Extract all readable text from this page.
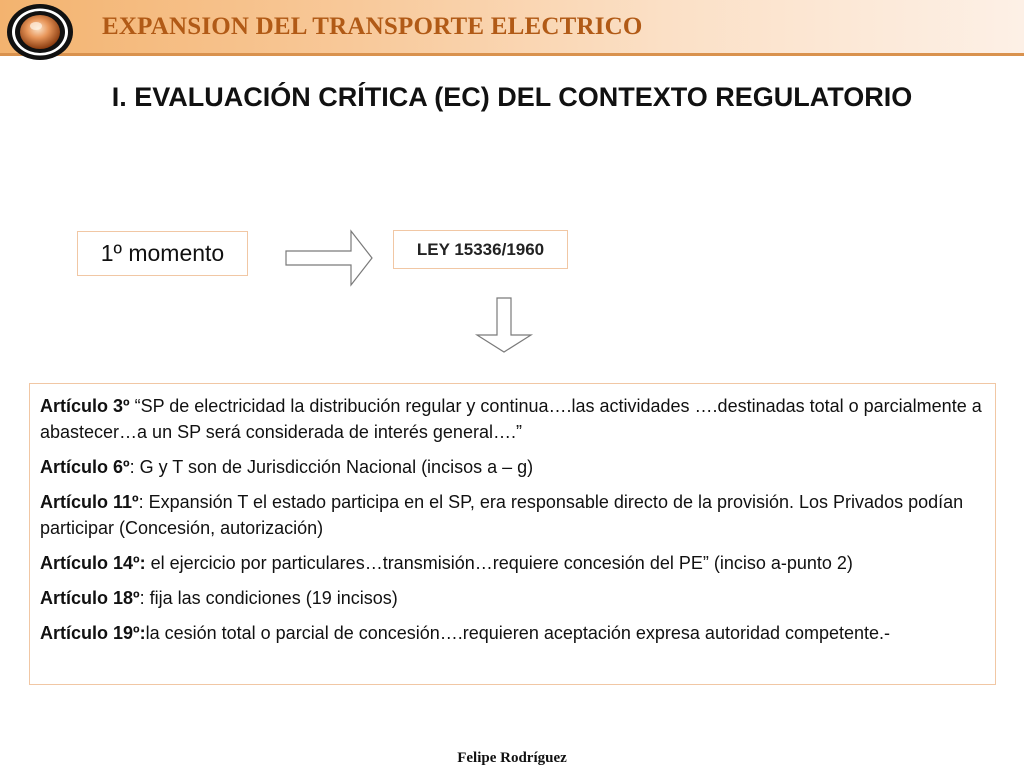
EXPANSION DEL TRANSPORTE ELECTRICO
I. EVALUACIÓN CRÍTICA (EC) DEL CONTEXTO REGULATORIO
1º momento	LEY 15336/1960
Artículo 3º “SP de electricidad la distribución regular y continua….las actividades ….destinadas total o parcialmente a abastecer…a un SP será considerada de interés general….”
Artículo 6º: G y T son de Jurisdicción Nacional (incisos a – g)
Artículo 11º: Expansión T el estado participa en el SP, era responsable directo de la provisión. Los Privados podían participar (Concesión, autorización)
Artículo 14º: el ejercicio por particulares…transmisión…requiere concesión del PE” (inciso a-punto 2)
Artículo 18º: fija las condiciones (19 incisos)
Artículo 19º:la cesión total o parcial de concesión….requieren aceptación expresa autoridad competente.-
Felipe Rodríguez
